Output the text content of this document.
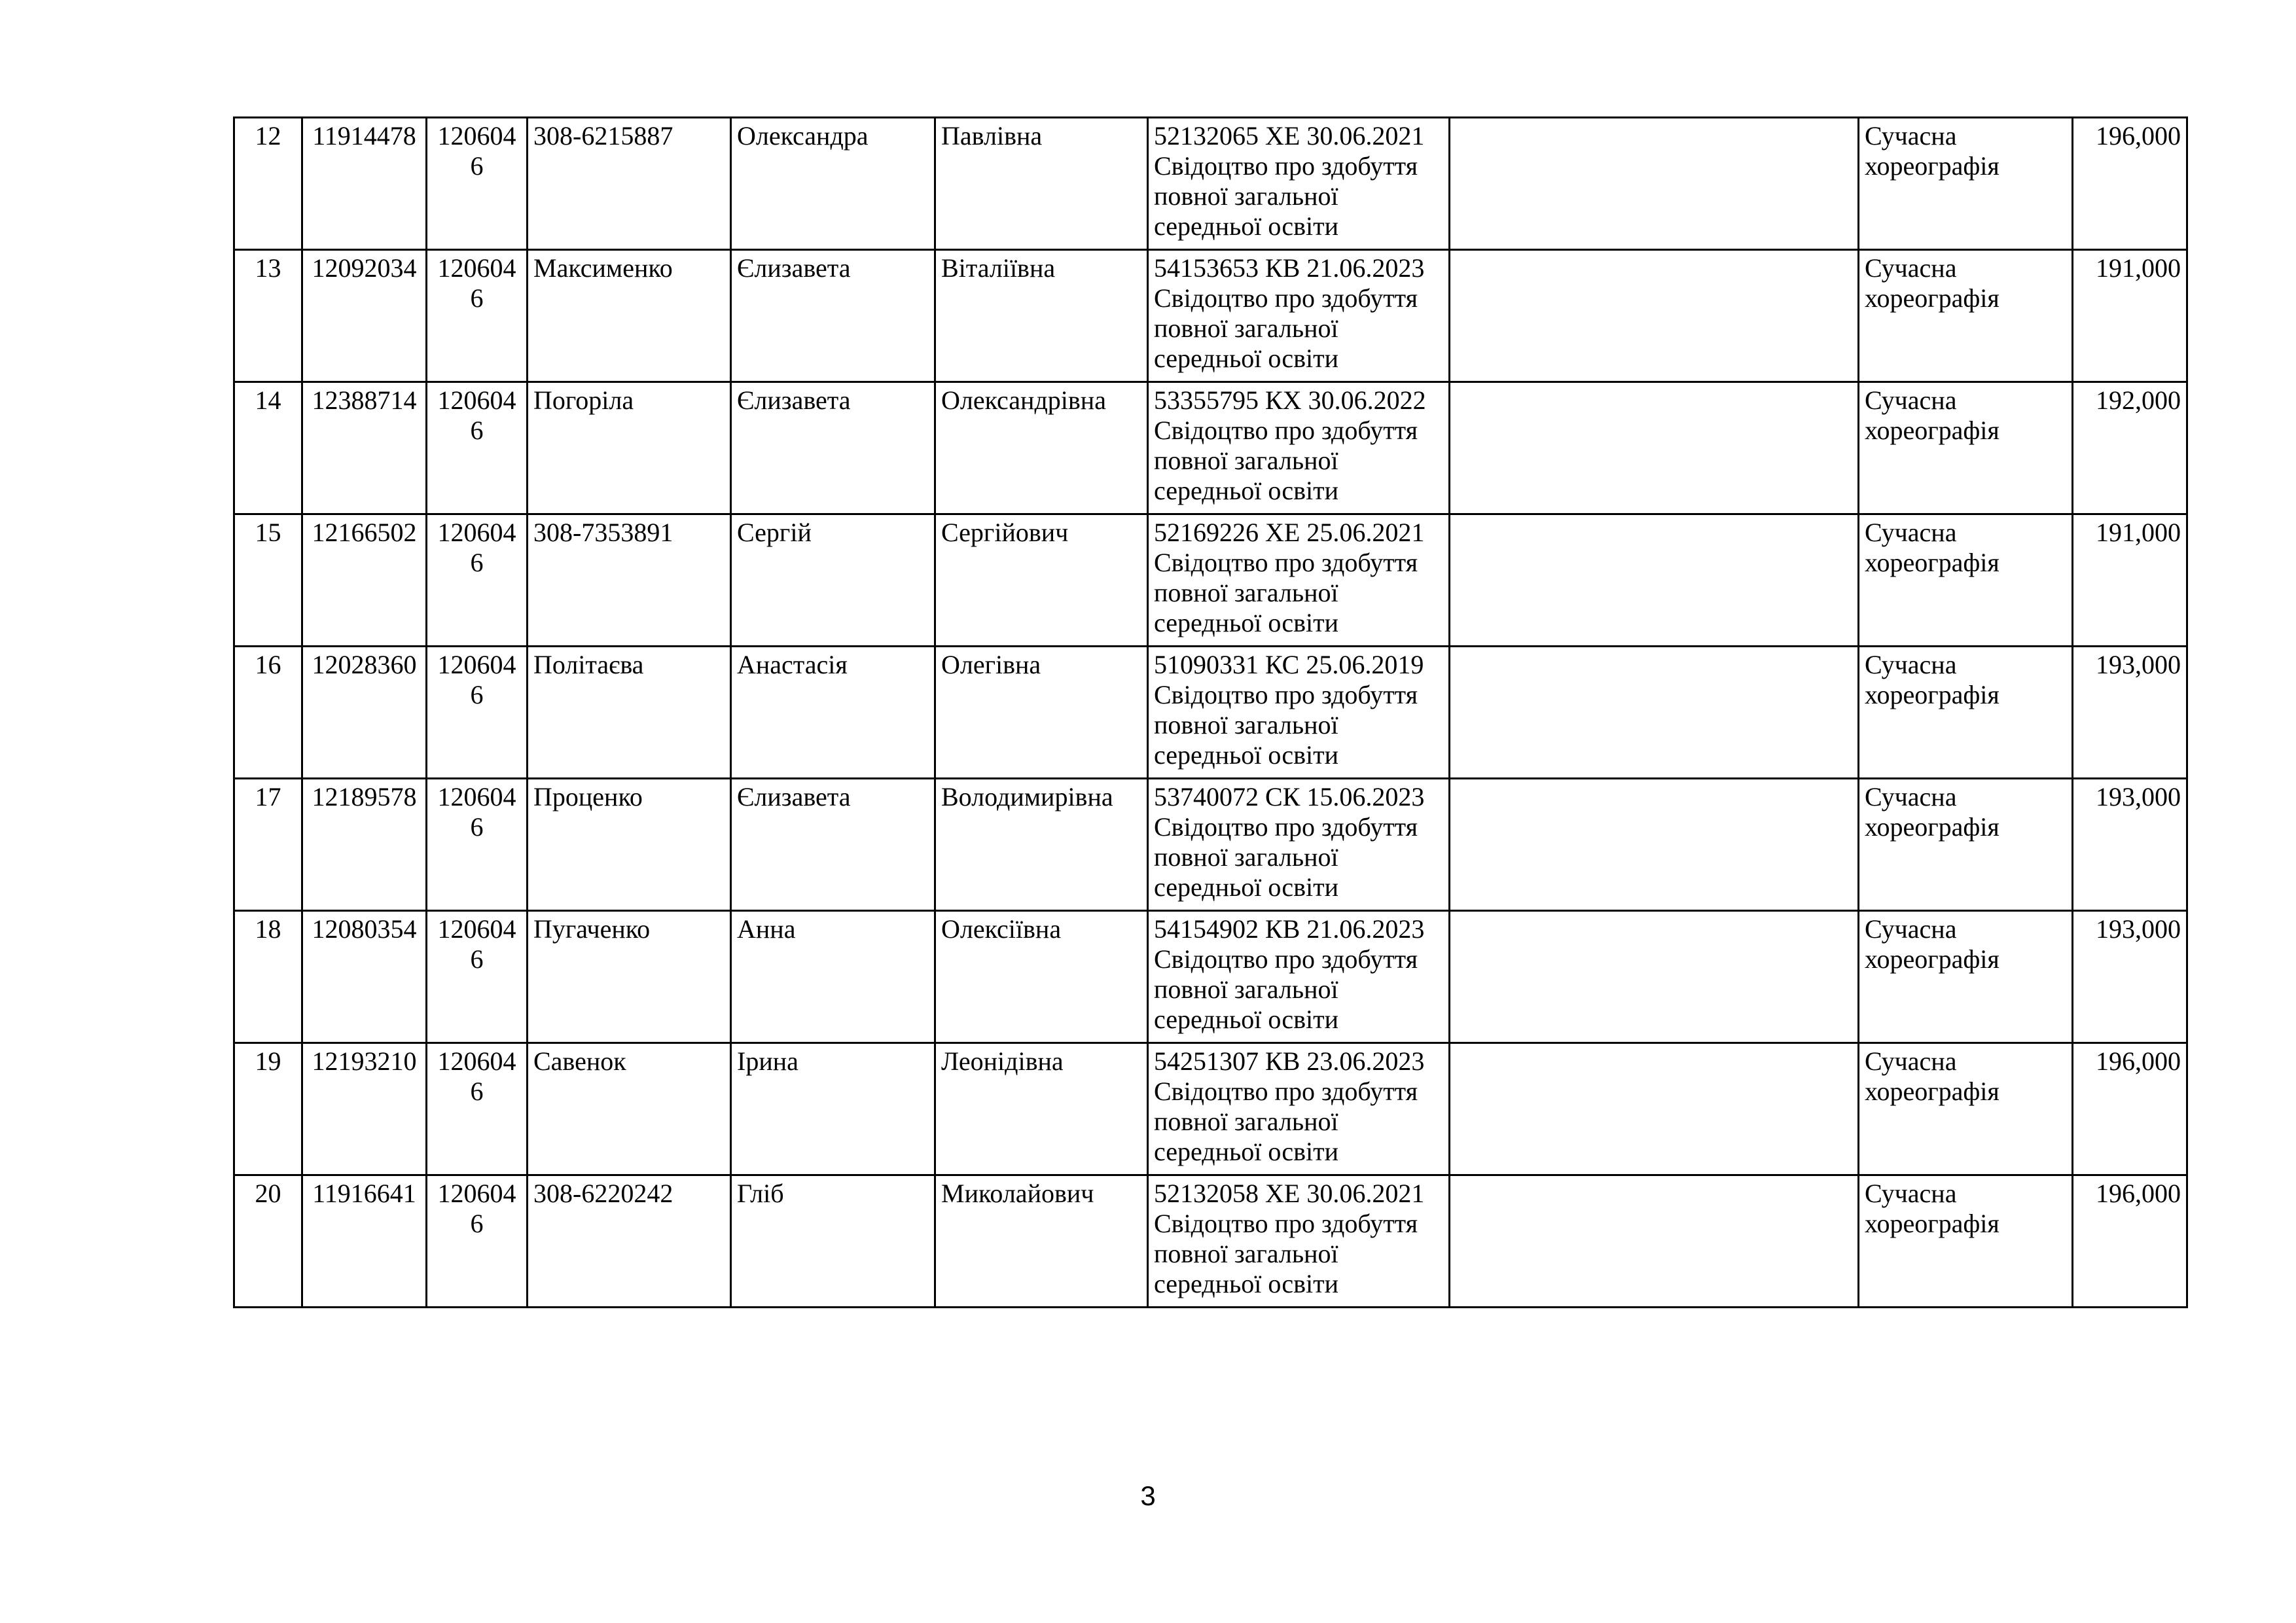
12	11914478	1206046	308-6215887	Олександра	Павлівна	52132065 ХЕ 30.06.2021
Свідоцтво про здобуття
повної загальної
середньої освіти		Сучасна хореографія	196,000
13	12092034	1206046	Максименко	Єлизавета	Віталіївна	54153653 КВ 21.06.2023
Свідоцтво про здобуття
повної загальної
середньої освіти		Сучасна хореографія	191,000
14	12388714	1206046	Погоріла	Єлизавета	Олександрівна	53355795 КХ 30.06.2022
Свідоцтво про здобуття
повної загальної
середньої освіти		Сучасна хореографія	192,000
15	12166502	1206046	308-7353891	Сергій	Сергійович	52169226 ХЕ 25.06.2021
Свідоцтво про здобуття
повної загальної
середньої освіти		Сучасна хореографія	191,000
16	12028360	1206046	Політаєва	Анастасія	Олегівна	51090331 КС 25.06.2019
Свідоцтво про здобуття
повної загальної
середньої освіти		Сучасна хореографія	193,000
17	12189578	1206046	Проценко	Єлизавета	Володимирівна	53740072 СК 15.06.2023
Свідоцтво про здобуття
повної загальної
середньої освіти		Сучасна хореографія	193,000
18	12080354	1206046	Пугаченко	Анна	Олексіївна	54154902 КВ 21.06.2023
Свідоцтво про здобуття
повної загальної
середньої освіти		Сучасна хореографія	193,000
19	12193210	1206046	Савенок	Ірина	Леонідівна	54251307 КВ 23.06.2023
Свідоцтво про здобуття
повної загальної
середньої освіти		Сучасна хореографія	196,000
20	11916641	1206046	308-6220242	Гліб	Миколайович	52132058 ХЕ 30.06.2021
Свідоцтво про здобуття
повної загальної
середньої освіти		Сучасна хореографія	196,000
3
